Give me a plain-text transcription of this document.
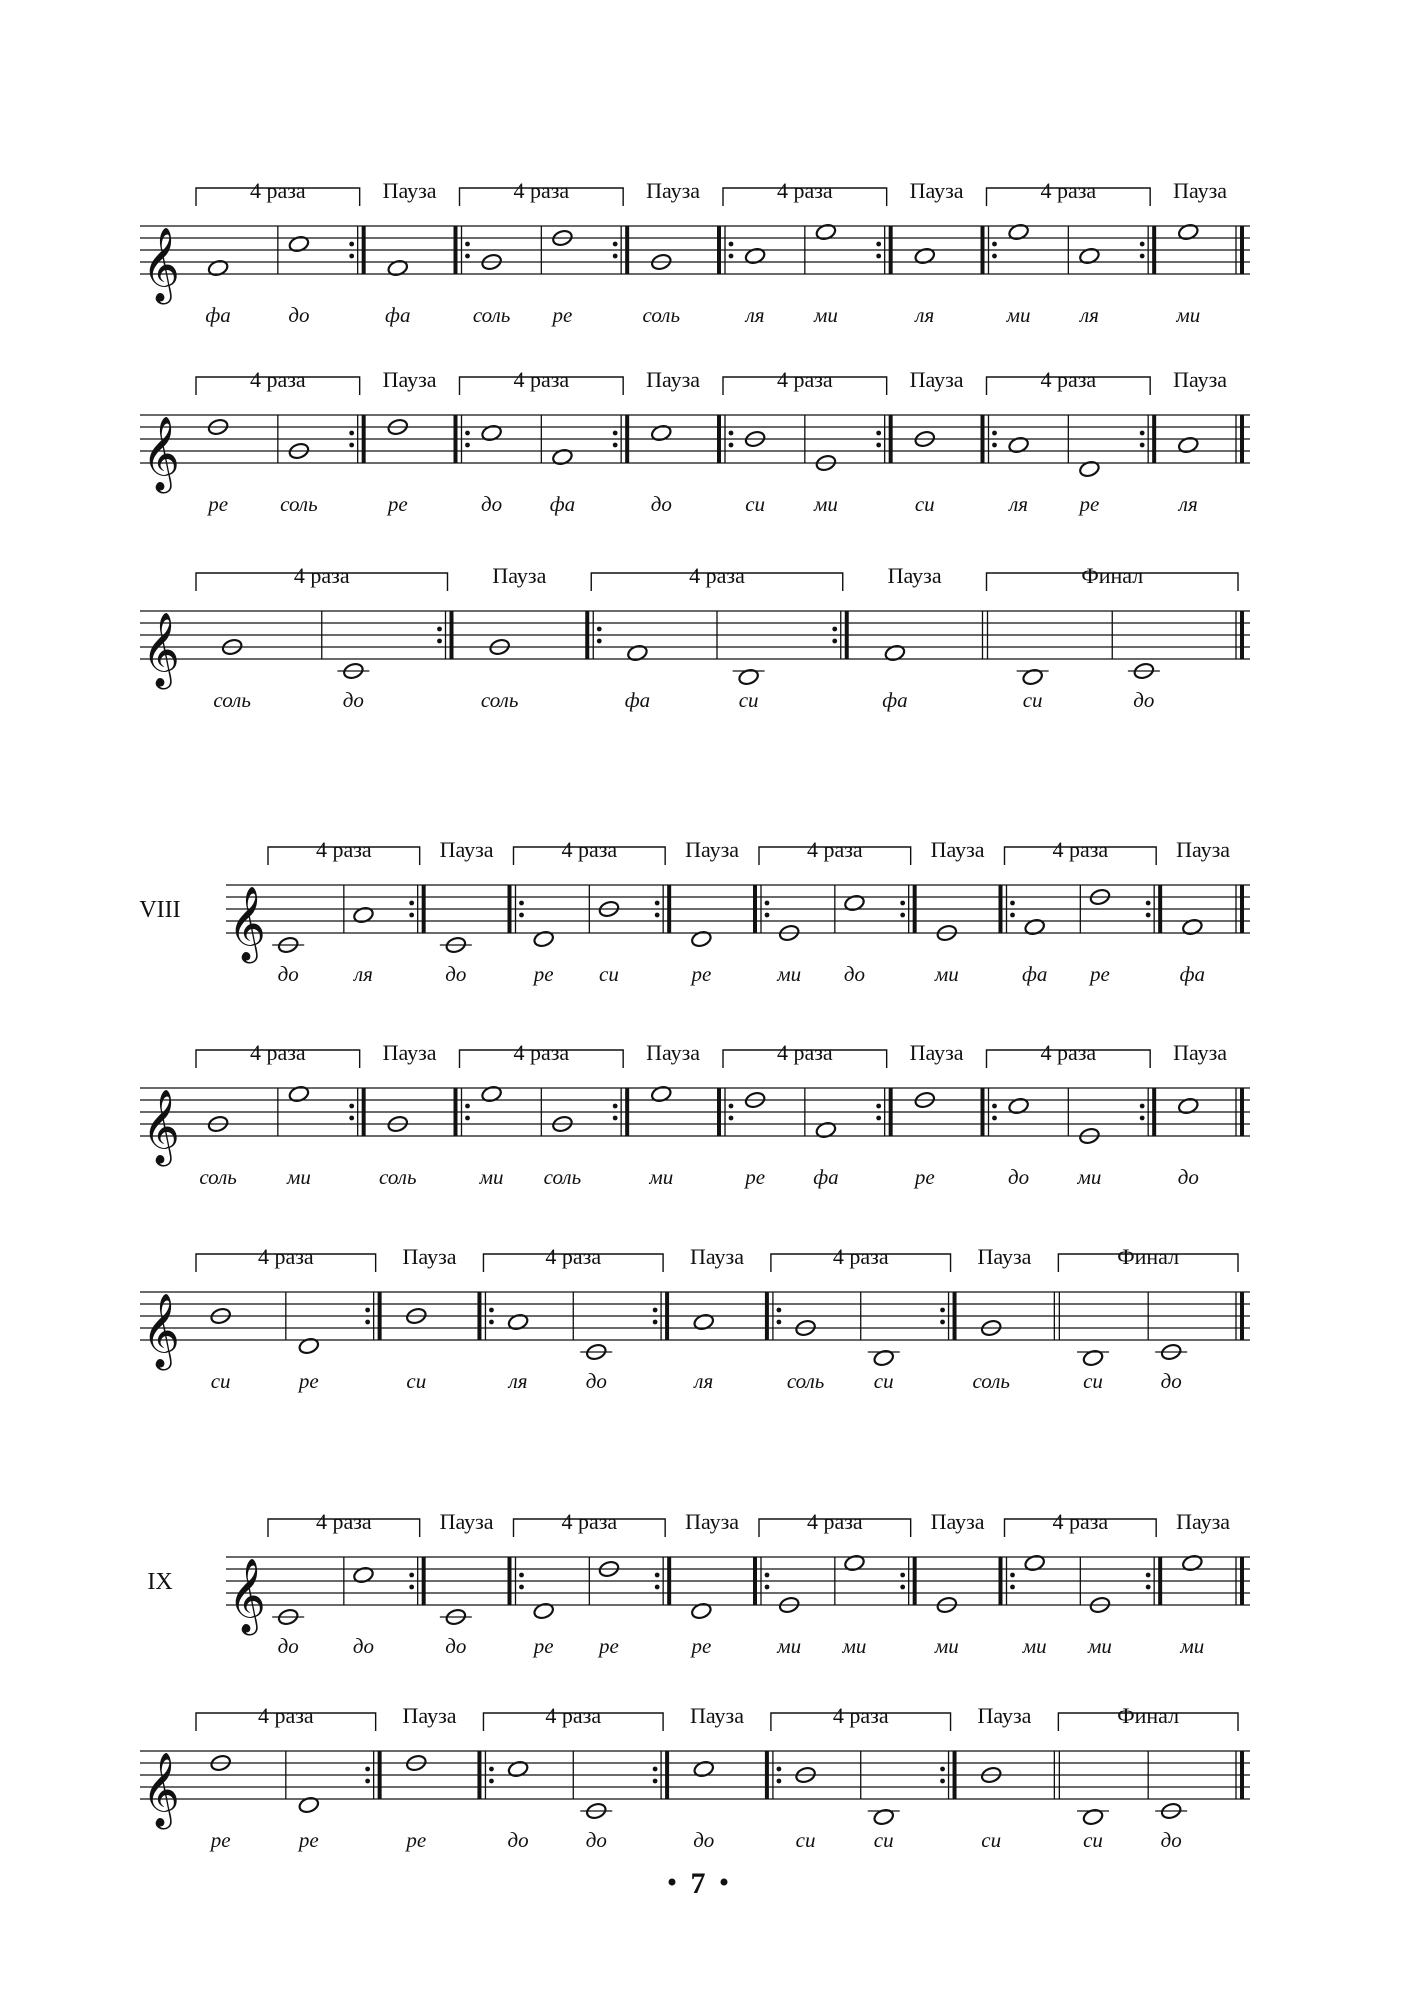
𝄞
4 раза
фа	до
Пауза
фа
4 раза
соль ре
Пауза
соль
4 раза
ля ми
Пауза
ля
4 раза
ми ля
Пауза
ми
𝄞
4 раза
ре соль
Пауза
ре
4 раза
до фа
Пауза
до
4 раза
си ми
Пауза
си
4 раза
ля ре
Пауза
ля
𝄞
4 раза
соль	до
Пауза
соль
4 раза
фа	си
Пауза
фа
Финал
си	до
𝄞
VIII
4 раза
до	ля
Пауза
до
4 раза
ре си
Пауза
ре
4 раза
ми до
Пауза
ми
4 раза
фа ре
Пауза
фа
𝄞
4 раза
соль ми
Пауза
соль
4 раза
ми соль
Пауза
ми
4 раза
ре фа
Пауза
ре
4 раза
до ми
Пауза
до
𝄞
4 раза
си	ре
Пауза
си
4 раза
ля	до
Пауза
ля
4 раза
соль си
Пауза
соль
Финал
си	до
𝄞
IX
4 раза
до	до
Пауза
до
4 раза
ре ре
Пауза
ре
4 раза
ми ми
Пауза
ми
4 раза
ми ми
Пауза
ми
𝄞
4 раза
ре	ре
Пауза
ре
4 раза
до	до
Пауза
до
4 раза
си	си
Пауза
си
Финал
си	до
7
